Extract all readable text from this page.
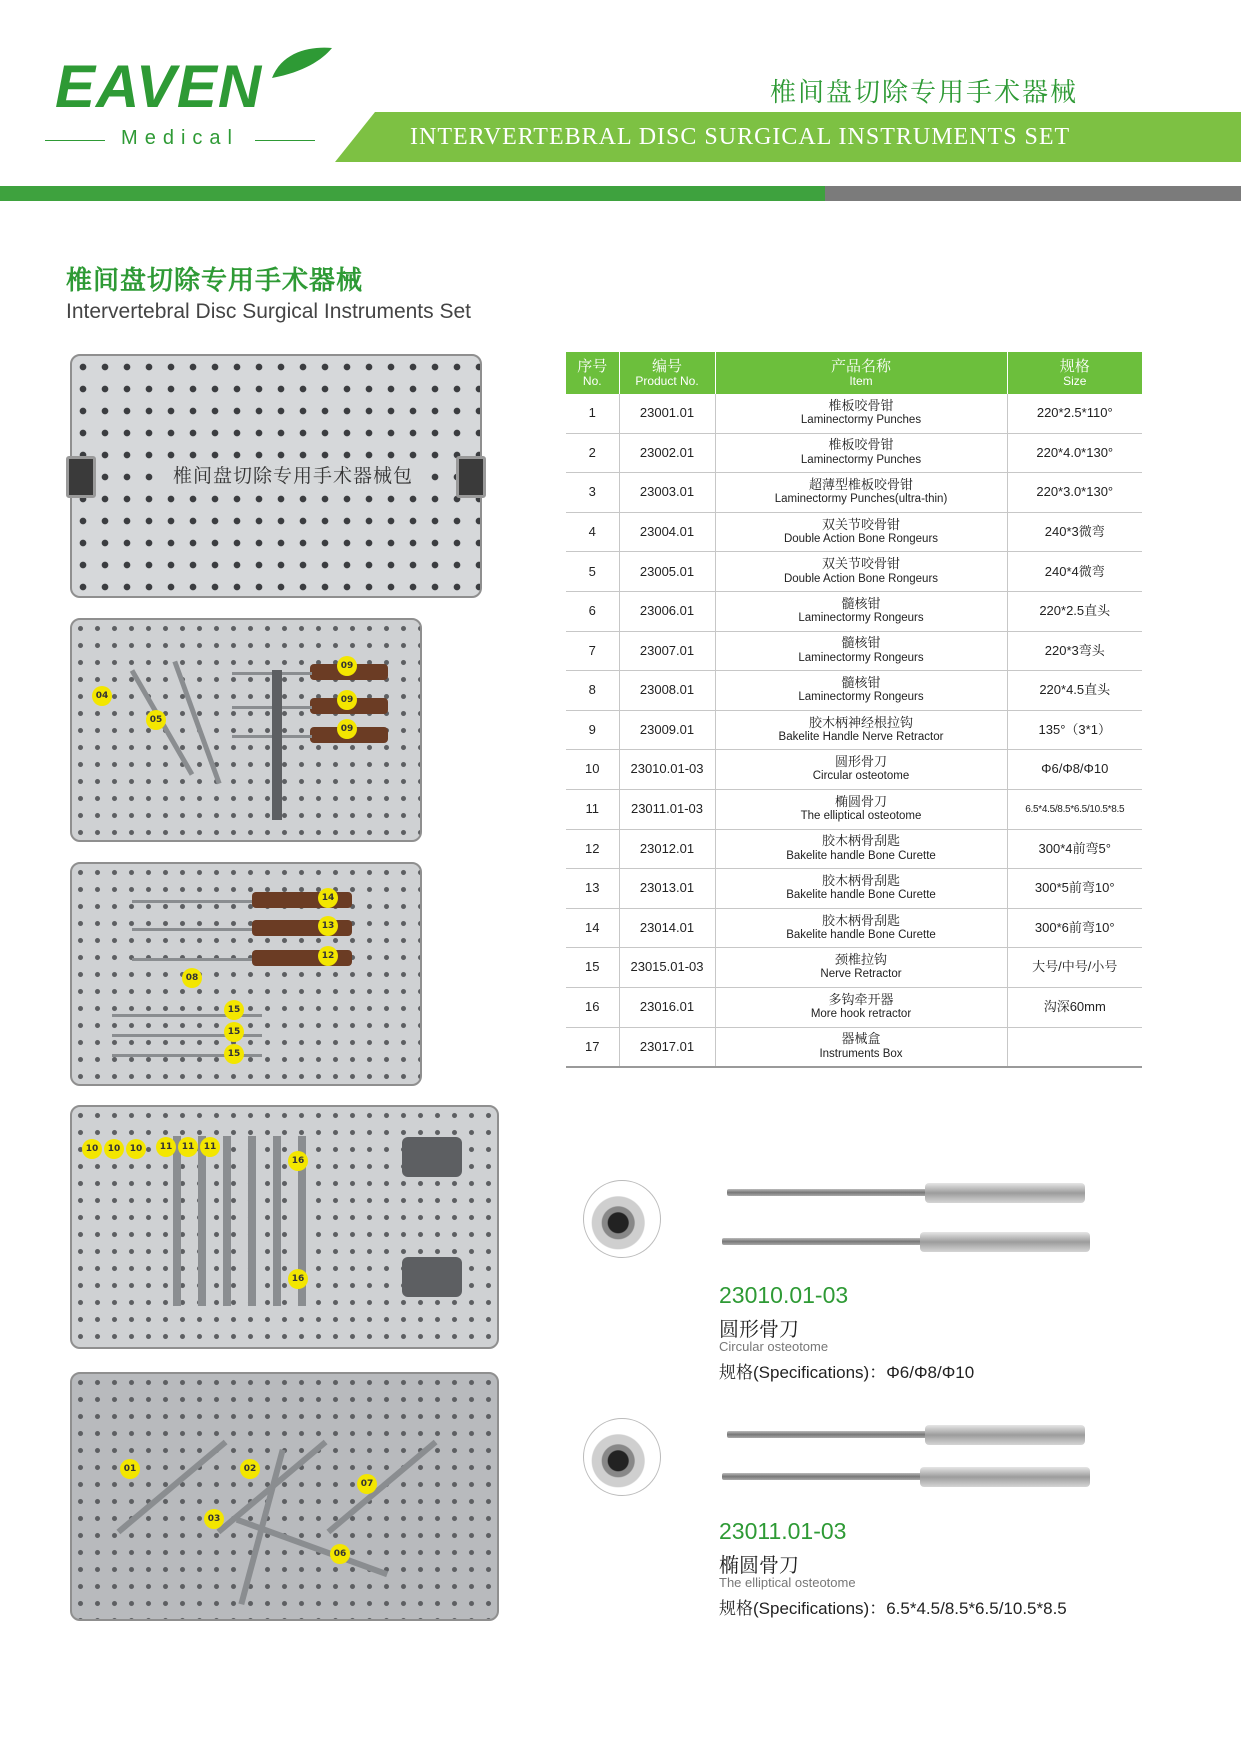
EAVEN
Medical
椎间盘切除专用手术器械
INTERVERTEBRAL DISC SURGICAL INSTRUMENTS SET
椎间盘切除专用手术器械
Intervertebral Disc Surgical Instruments Set
椎间盘切除专用手术器械包
04
05
09
09
09
14
13
12
08
15
15
15
10	10	10	11	11	11
16
16
01	02
07
03
06
序号
No.	编号
Product No.	产品名称
Item	规格
Size

1	23001.01	椎板咬骨钳
Laminectormy Punches	220*2.5*110°
2	23002.01	椎板咬骨钳
Laminectormy Punches	220*4.0*130°
3	23003.01	超薄型椎板咬骨钳
Laminectormy Punches(ultra-thin)	220*3.0*130°
4	23004.01	双关节咬骨钳
Double Action Bone Rongeurs	240*3微弯
5	23005.01	双关节咬骨钳
Double Action Bone Rongeurs	240*4微弯
6	23006.01	髓核钳
Laminectormy Rongeurs	220*2.5直头
7	23007.01	髓核钳
Laminectormy Rongeurs	220*3弯头
8	23008.01	髓核钳
Laminectormy Rongeurs	220*4.5直头
9	23009.01	胶木柄神经根拉钩
Bakelite Handle Nerve Retractor	135°（3*1）
10	23010.01-03	圆形骨刀
Circular osteotome	Φ6/Φ8/Φ10
11	23011.01-03	椭圆骨刀
The elliptical osteotome	6.5*4.5/8.5*6.5/10.5*8.5
12	23012.01	胶木柄骨刮匙
Bakelite handle Bone Curette	300*4前弯5°
13	23013.01	胶木柄骨刮匙
Bakelite handle Bone Curette	300*5前弯10°
14	23014.01	胶木柄骨刮匙
Bakelite handle Bone Curette	300*6前弯10°
15	23015.01-03	颈椎拉钩
Nerve Retractor	大号/中号/小号
16	23016.01	多钩牵开器
More hook retractor	沟深60mm
17	23017.01	器械盒
Instruments Box	

23010.01-03
圆形骨刀
Circular osteotome
规格(Specifications)：Φ6/Φ8/Φ10
23011.01-03
椭圆骨刀
The elliptical osteotome
规格(Specifications)：6.5*4.5/8.5*6.5/10.5*8.5
